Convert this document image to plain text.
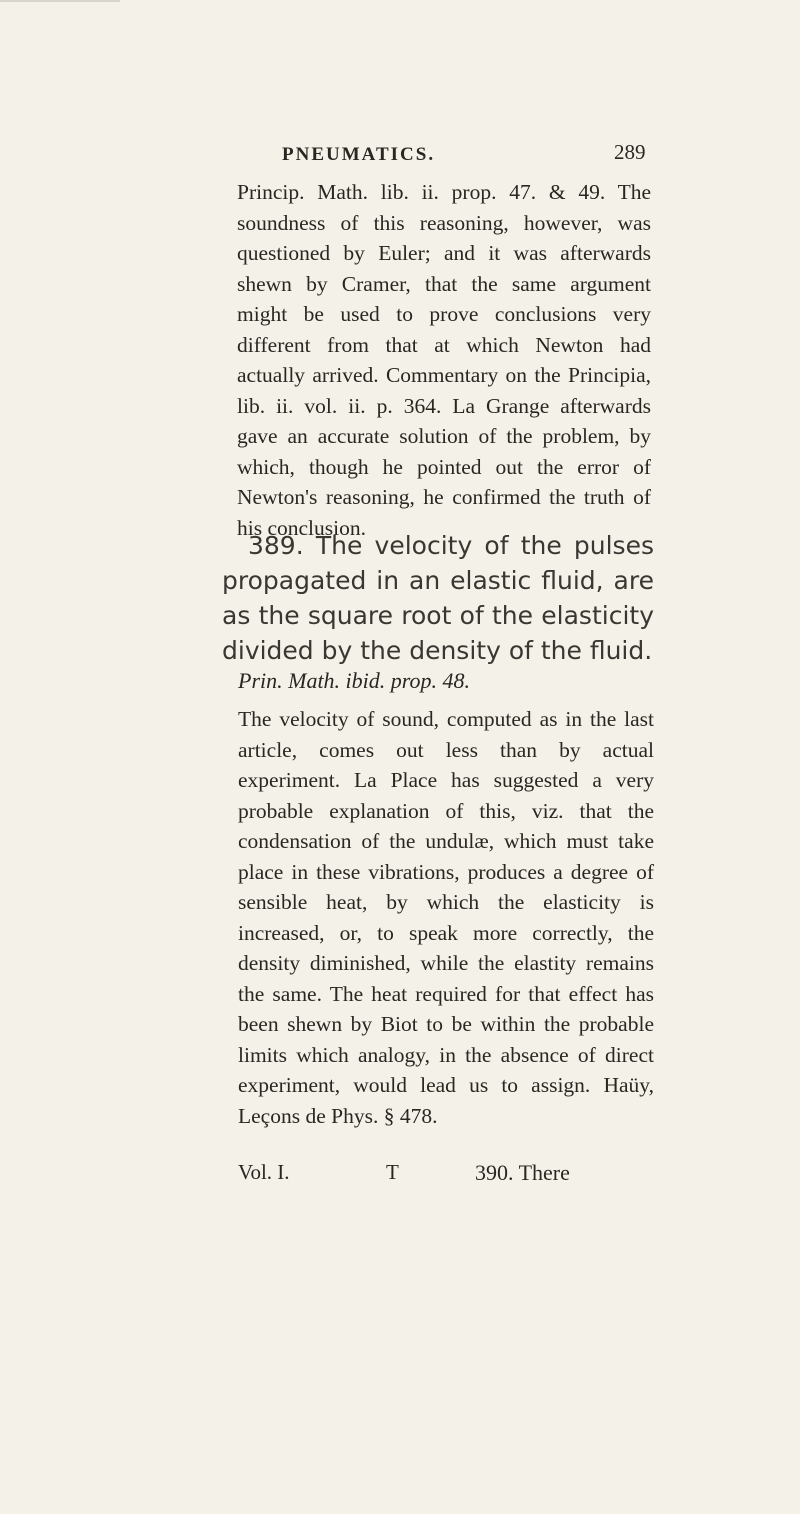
PNEUMATICS.	289

Princip. Math. lib. ii. prop. 47. & 49. The soundness of this reasoning, however, was questioned by Euler; and it was afterwards shewn by Cramer, that the same argument might be used to prove conclusions very different from that at which Newton had actually arrived. Commentary on the Principia, lib. ii. vol. ii. p. 364. La Grange afterwards gave an accurate solution of the problem, by which, though he pointed out the error of Newton's reasoning, he confirmed the truth of his conclusion.

389. The velocity of the pulses propagated in an elastic fluid, are as the square root of the elasticity divided by the density of the fluid.

Prin. Math. ibid. prop. 48.

The velocity of sound, computed as in the last article, comes out less than by actual experiment. La Place has suggested a very probable explanation of this, viz. that the condensation of the undulæ, which must take place in these vibrations, produces a degree of sensible heat, by which the elasticity is increased, or, to speak more correctly, the density diminished, while the elastity remains the same. The heat required for that effect has been shewn by Biot to be within the probable limits which analogy, in the absence of direct experiment, would lead us to assign. Haüy, Leçons de Phys. § 478.

Vol. I.	T	390. There
